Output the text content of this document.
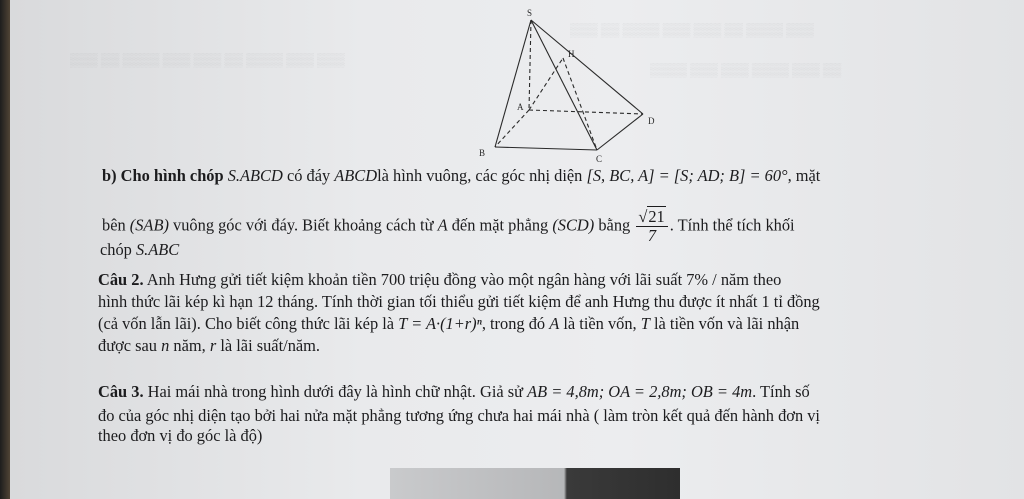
▒▒▒ ▒▒ ▒▒▒▒ ▒▒▒ ▒▒▒ ▒▒ ▒▒▒▒ ▒▒▒
▒▒▒▒ ▒▒▒ ▒▒▒ ▒▒▒▒ ▒▒▒ ▒▒
▒▒▒ ▒▒ ▒▒▒▒ ▒▒▒ ▒▒▒ ▒▒ ▒▒▒▒ ▒▒▒ ▒▒▒
S
H
A
B
C
D
b) Cho hình chóp S.ABCD có đáy ABCDlà hình vuông, các góc nhị diện [S, BC, A] = [S; AD; B] = 60°, mặt
bên (SAB) vuông góc với đáy. Biết khoảng cách từ A đến mặt phẳng (SCD) bằng $\frac{√21}{7}$ . Tính thể tích khối
chóp S.ABC
Câu 2. Anh Hưng gửi tiết kiệm khoản tiền 700 triệu đồng vào một ngân hàng với lãi suất 7% / năm theo
hình thức lãi kép kì hạn 12 tháng. Tính thời gian tối thiểu gửi tiết kiệm để anh Hưng thu được ít nhất 1 tỉ đồng
(cả vốn lẫn lãi). Cho biết công thức lãi kép là T = A·(1+r)ⁿ, trong đó A là tiền vốn, T là tiền vốn và lãi nhận
được sau n năm, r là lãi suất/năm.
Câu 3. Hai mái nhà trong hình dưới đây là hình chữ nhật. Giả sử AB = 4,8m; OA = 2,8m; OB = 4m. Tính số
đo của góc nhị diện tạo bởi hai nửa mặt phẳng tương ứng chưa hai mái nhà ( làm tròn kết quả đến hành đơn vị
theo đơn vị đo góc là độ)
